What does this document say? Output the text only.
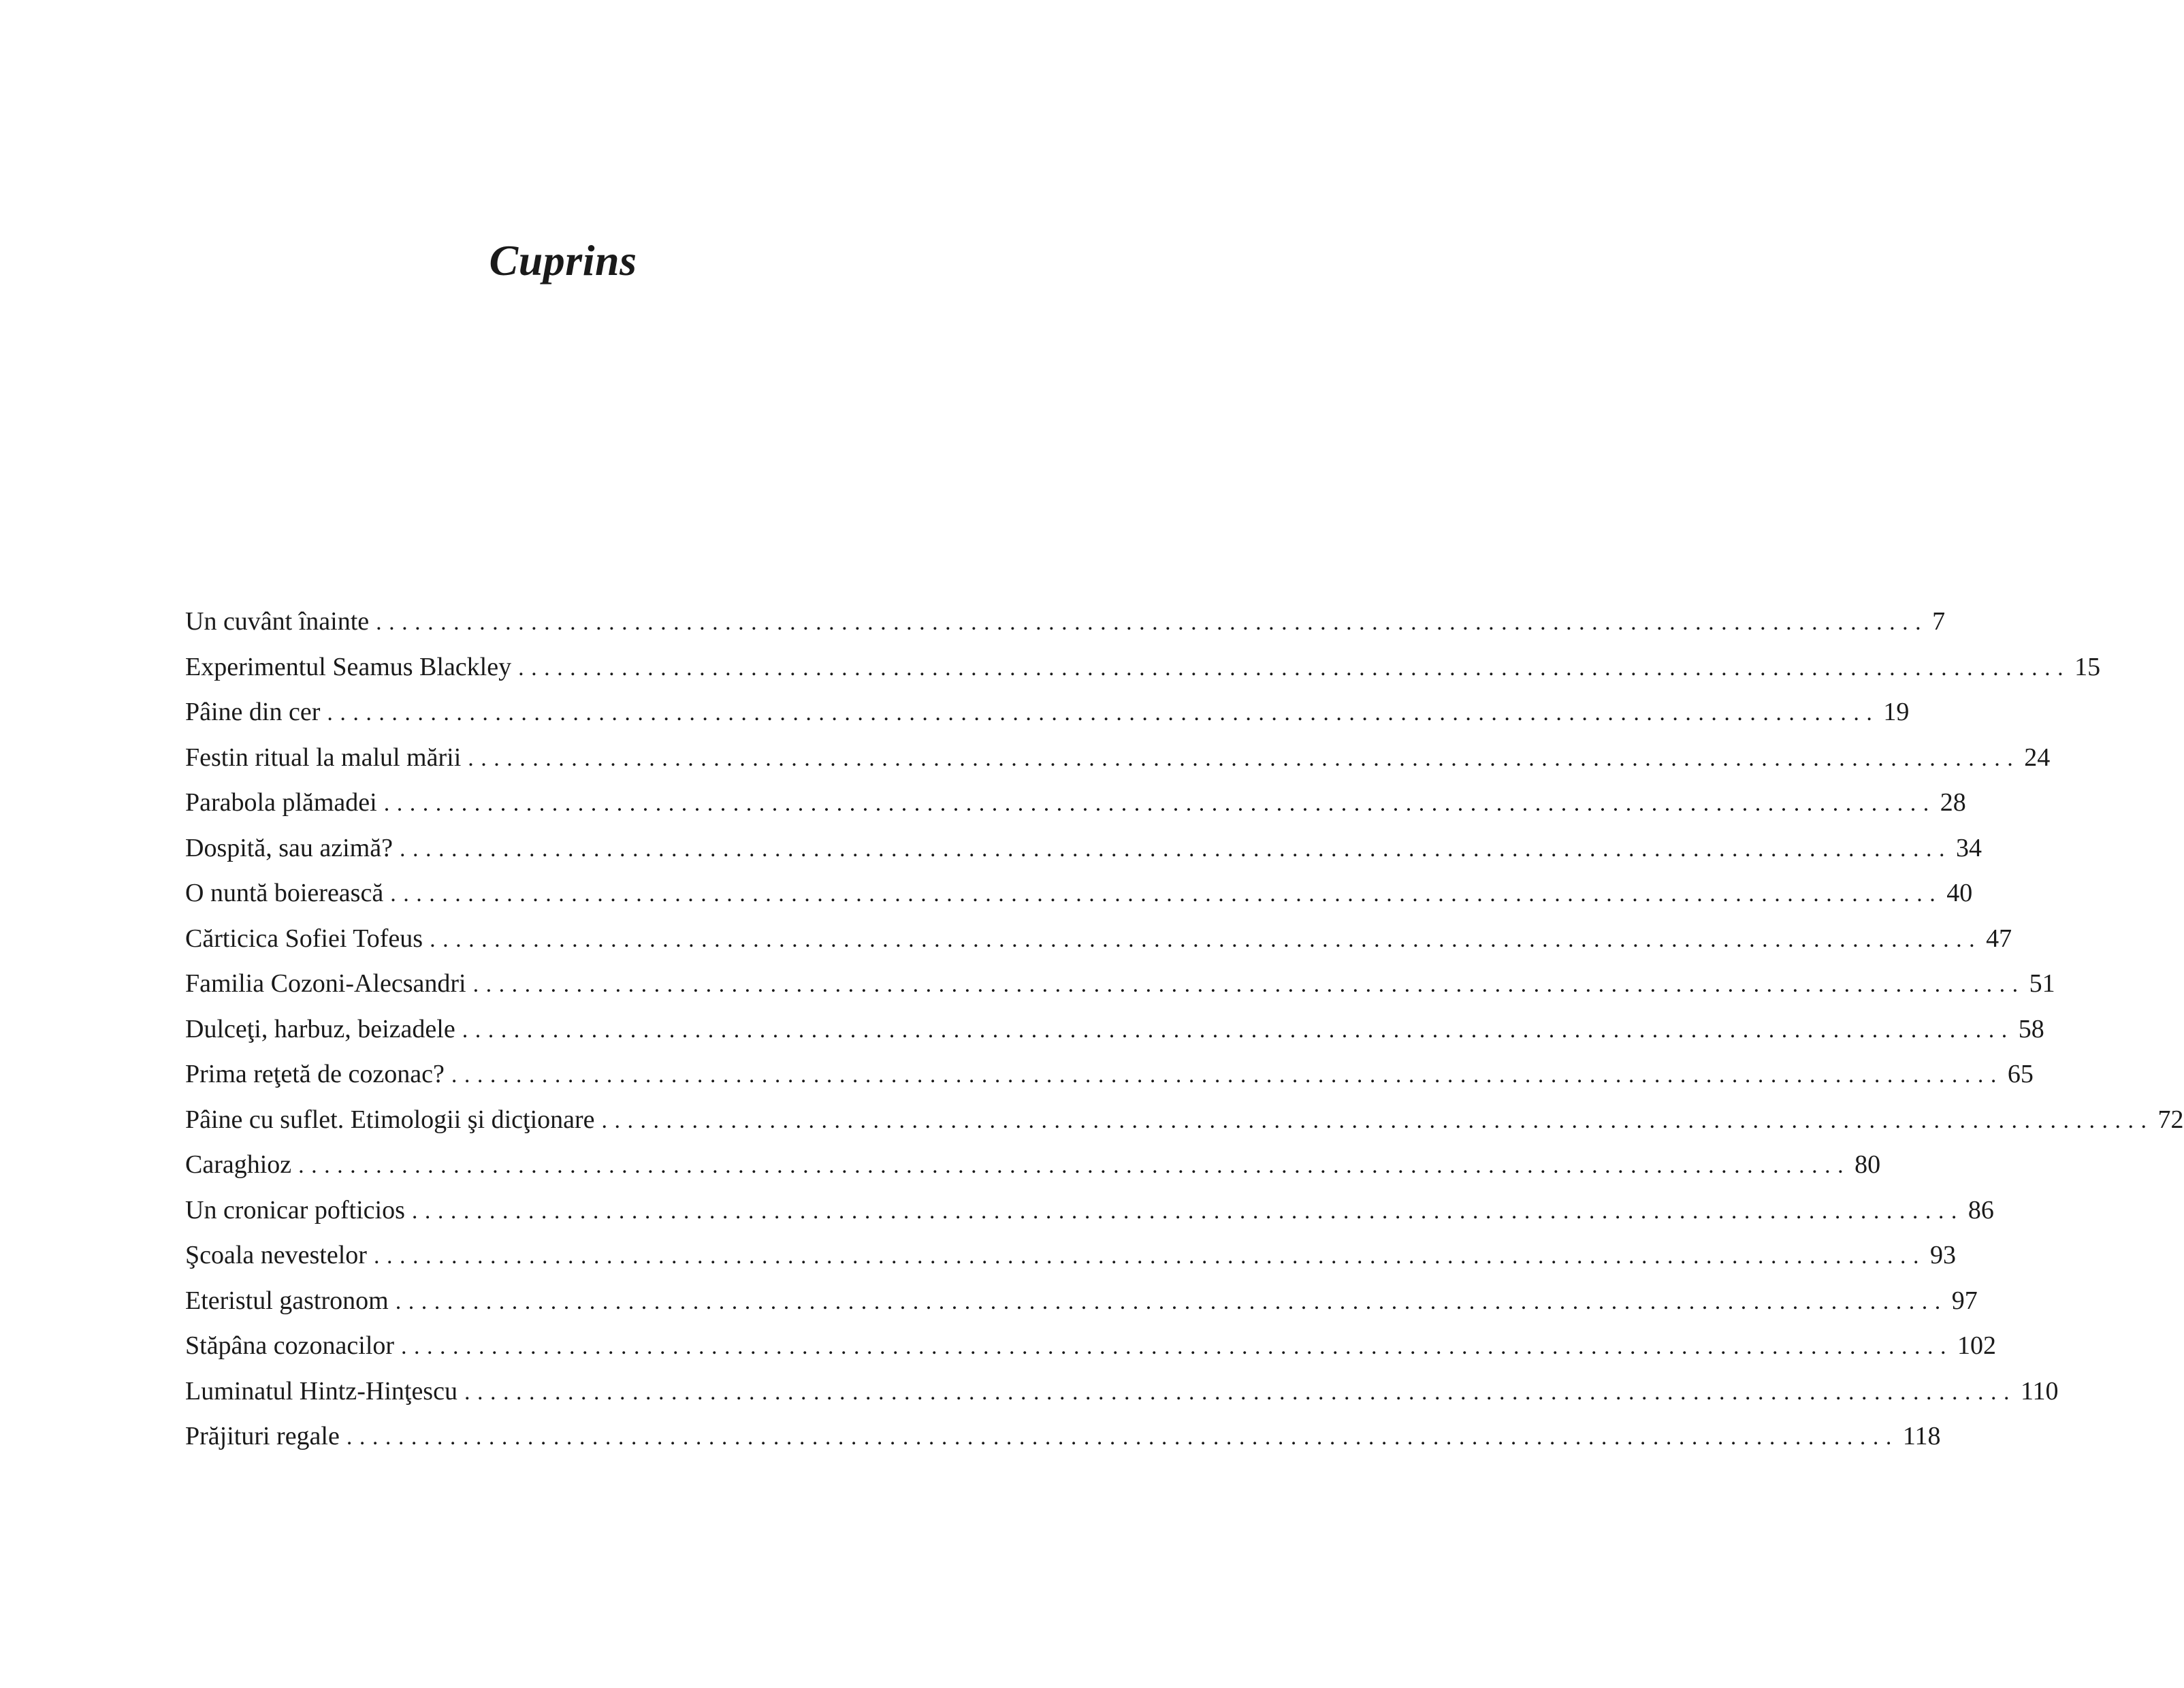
Cuprins
Un cuvânt înainte ........................................................................................................................ 7
Experimentul Seamus Blackley ........................................................................................................................ 15
Pâine din cer ........................................................................................................................ 19
Festin ritual la malul mării ........................................................................................................................ 24
Parabola plămadei ........................................................................................................................ 28
Dospită, sau azimă? ........................................................................................................................ 34
O nuntă boierească ........................................................................................................................ 40
Cărticica Sofiei Tofeus ........................................................................................................................ 47
Familia Cozoni-Alecsandri ........................................................................................................................ 51
Dulceţi, harbuz, beizadele ........................................................................................................................ 58
Prima reţetă de cozonac? ........................................................................................................................ 65
Pâine cu suflet. Etimologii şi dicţionare ........................................................................................................................ 72
Caraghioz ........................................................................................................................ 80
Un cronicar pofticios ........................................................................................................................ 86
Şcoala nevestelor ........................................................................................................................ 93
Eteristul gastronom ........................................................................................................................ 97
Stăpâna cozonacilor ........................................................................................................................ 102
Luminatul Hintz-Hinţescu ........................................................................................................................ 110
Prăjituri regale ........................................................................................................................ 118
